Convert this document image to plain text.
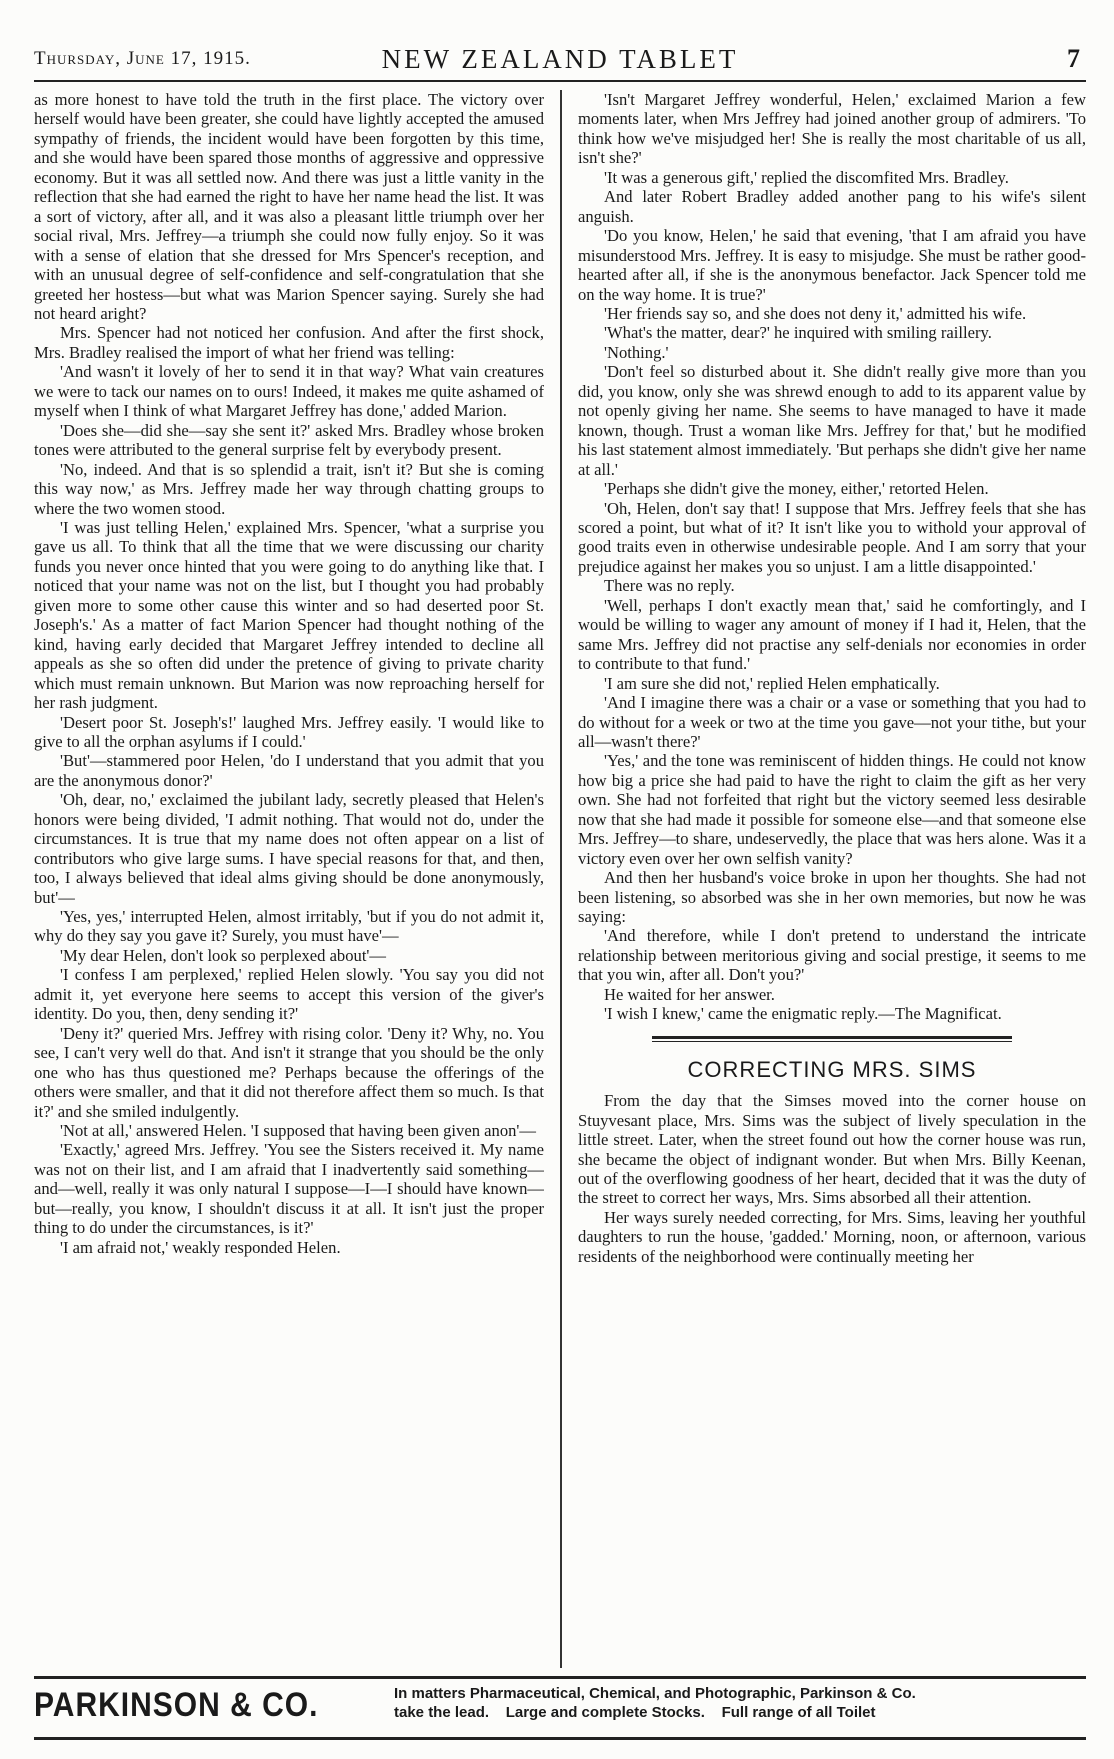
Thursday, June 17, 1915.	NEW ZEALAND TABLET	7

as more honest to have told the truth in the first place. The victory over herself would have been greater, she could have lightly accepted the amused sympathy of friends, the incident would have been forgotten by this time, and she would have been spared those months of aggressive and oppressive economy. But it was all settled now. And there was just a little vanity in the reflection that she had earned the right to have her name head the list. It was a sort of victory, after all, and it was also a pleasant little triumph over her social rival, Mrs. Jeffrey—a triumph she could now fully enjoy. So it was with a sense of elation that she dressed for Mrs Spencer's reception, and with an unusual degree of self-confidence and self-congratulation that she greeted her hostess—but what was Marion Spencer saying. Surely she had not heard aright?

Mrs. Spencer had not noticed her confusion. And after the first shock, Mrs. Bradley realised the import of what her friend was telling:

'And wasn't it lovely of her to send it in that way? What vain creatures we were to tack our names on to ours! Indeed, it makes me quite ashamed of myself when I think of what Margaret Jeffrey has done,' added Marion.

'Does she—did she—say she sent it?' asked Mrs. Bradley whose broken tones were attributed to the general surprise felt by everybody present.

'No, indeed. And that is so splendid a trait, isn't it? But she is coming this way now,' as Mrs. Jeffrey made her way through chatting groups to where the two women stood.

'I was just telling Helen,' explained Mrs. Spencer, 'what a surprise you gave us all. To think that all the time that we were discussing our charity funds you never once hinted that you were going to do anything like that. I noticed that your name was not on the list, but I thought you had probably given more to some other cause this winter and so had deserted poor St. Joseph's.' As a matter of fact Marion Spencer had thought nothing of the kind, having early decided that Margaret Jeffrey intended to decline all appeals as she so often did under the pretence of giving to private charity which must remain unknown. But Marion was now reproaching herself for her rash judgment.

'Desert poor St. Joseph's!' laughed Mrs. Jeffrey easily. 'I would like to give to all the orphan asylums if I could.'

'But'—stammered poor Helen, 'do I understand that you admit that you are the anonymous donor?'

'Oh, dear, no,' exclaimed the jubilant lady, secretly pleased that Helen's honors were being divided, 'I admit nothing. That would not do, under the circumstances. It is true that my name does not often appear on a list of contributors who give large sums. I have special reasons for that, and then, too, I always believed that ideal alms giving should be done anonymously, but'—

'Yes, yes,' interrupted Helen, almost irritably, 'but if you do not admit it, why do they say you gave it? Surely, you must have'—

'My dear Helen, don't look so perplexed about'—

'I confess I am perplexed,' replied Helen slowly. 'You say you did not admit it, yet everyone here seems to accept this version of the giver's identity. Do you, then, deny sending it?'

'Deny it?' queried Mrs. Jeffrey with rising color. 'Deny it? Why, no. You see, I can't very well do that. And isn't it strange that you should be the only one who has thus questioned me? Perhaps because the offerings of the others were smaller, and that it did not therefore affect them so much. Is that it?' and she smiled indulgently.

'Not at all,' answered Helen. 'I supposed that having been given anon'—

'Exactly,' agreed Mrs. Jeffrey. 'You see the Sisters received it. My name was not on their list, and I am afraid that I inadvertently said something—and—well, really it was only natural I suppose—I—I should have known—but—really, you know, I shouldn't discuss it at all. It isn't just the proper thing to do under the circumstances, is it?'

'I am afraid not,' weakly responded Helen.

'Isn't Margaret Jeffrey wonderful, Helen,' exclaimed Marion a few moments later, when Mrs Jeffrey had joined another group of admirers. 'To think how we've misjudged her! She is really the most charitable of us all, isn't she?'

'It was a generous gift,' replied the discomfited Mrs. Bradley.

And later Robert Bradley added another pang to his wife's silent anguish.

'Do you know, Helen,' he said that evening, 'that I am afraid you have misunderstood Mrs. Jeffrey. It is easy to misjudge. She must be rather good-hearted after all, if she is the anonymous benefactor. Jack Spencer told me on the way home. It is true?'

'Her friends say so, and she does not deny it,' admitted his wife.

'What's the matter, dear?' he inquired with smiling raillery.

'Nothing.'

'Don't feel so disturbed about it. She didn't really give more than you did, you know, only she was shrewd enough to add to its apparent value by not openly giving her name. She seems to have managed to have it made known, though. Trust a woman like Mrs. Jeffrey for that,' but he modified his last statement almost immediately. 'But perhaps she didn't give her name at all.'

'Perhaps she didn't give the money, either,' retorted Helen.

'Oh, Helen, don't say that! I suppose that Mrs. Jeffrey feels that she has scored a point, but what of it? It isn't like you to withold your approval of good traits even in otherwise undesirable people. And I am sorry that your prejudice against her makes you so unjust. I am a little disappointed.'

There was no reply.

'Well, perhaps I don't exactly mean that,' said he comfortingly, and I would be willing to wager any amount of money if I had it, Helen, that the same Mrs. Jeffrey did not practise any self-denials nor economies in order to contribute to that fund.'

'I am sure she did not,' replied Helen emphatically.

'And I imagine there was a chair or a vase or something that you had to do without for a week or two at the time you gave—not your tithe, but your all—wasn't there?'

'Yes,' and the tone was reminiscent of hidden things. He could not know how big a price she had paid to have the right to claim the gift as her very own. She had not forfeited that right but the victory seemed less desirable now that she had made it possible for someone else—and that someone else Mrs. Jeffrey—to share, undeservedly, the place that was hers alone. Was it a victory even over her own selfish vanity?

And then her husband's voice broke in upon her thoughts. She had not been listening, so absorbed was she in her own memories, but now he was saying:

'And therefore, while I don't pretend to understand the intricate relationship between meritorious giving and social prestige, it seems to me that you win, after all. Don't you?'

He waited for her answer.

'I wish I knew,' came the enigmatic reply.—The Magnificat.

CORRECTING MRS. SIMS

From the day that the Simses moved into the corner house on Stuyvesant place, Mrs. Sims was the subject of lively speculation in the little street. Later, when the street found out how the corner house was run, she became the object of indignant wonder. But when Mrs. Billy Keenan, out of the overflowing goodness of her heart, decided that it was the duty of the street to correct her ways, Mrs. Sims absorbed all their attention.

Her ways surely needed correcting, for Mrs. Sims, leaving her youthful daughters to run the house, 'gadded.' Morning, noon, or afternoon, various residents of the neighborhood were continually meeting her

PARKINSON & CO.	In matters Pharmaceutical, Chemical, and Photographic, Parkinson & Co.
take the lead.    Large and complete Stocks.    Full range of all Toilet
